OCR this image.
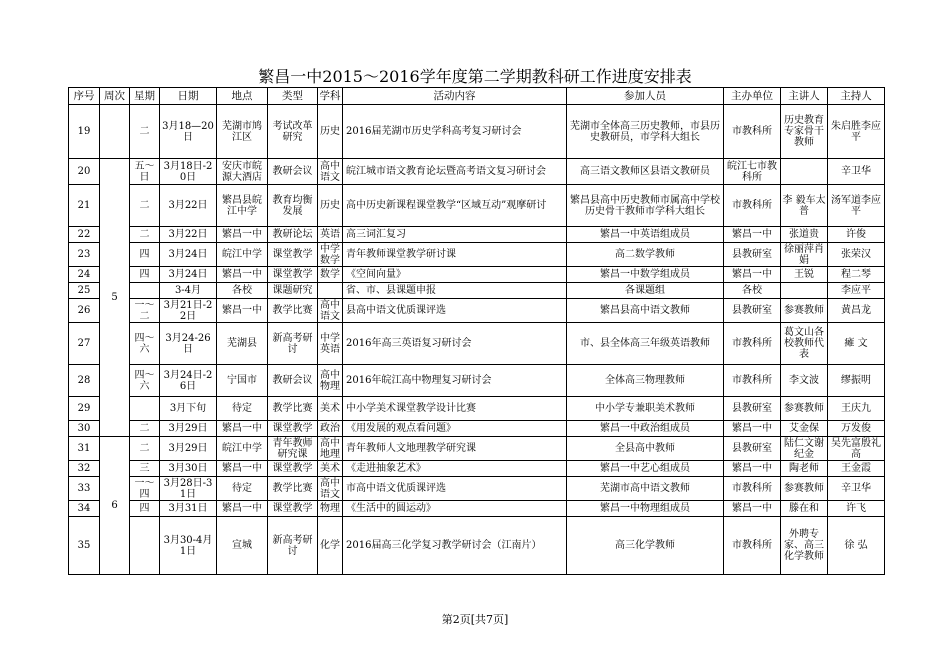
繁昌一中2015～2016学年度第二学期教科研工作进度安排表
序号	周次	星期	日期	地点	类型	学科	活动内容	参加人员	主办单位	主讲人	主持人
19		二	3月18—20日	芜湖市鸠江区	考试改革研究	历史	2016届芜湖市历史学科高考复习研讨会	芜湖市全体高三历史教师，市县历史教研员，市学科大组长	市教科所	历史教育专家骨干教师	朱启胜李应平
20	5	五～日	3月18日-20日	安庆市皖源大酒店	教研会议	高中语文	皖江城市语文教育论坛暨高考语文复习研讨会	高三语文教师区县语文教研员	皖江七市教科所		辛卫华
21		二	3月22日	繁昌县皖江中学	教育均衡发展	历史	高中历史新课程课堂教学“区域互动”观摩研讨	繁昌县高中历史教师市属高中学校历史骨干教师市学科大组长	市教科所	李 毅车太普	汤军道李应平
22		二	3月22日	繁昌一中	教研论坛	英语	高三词汇复习	繁昌一中英语组成员	繁昌一中	张道贵	许俊
23		四	3月24日	皖江中学	课堂教学	中学数学	青年教师课堂教学研讨课	高二数学教师	县教研室	徐丽萍肖娟	张荣汉
24		四	3月24日	繁昌一中	课堂教学	数学	《空间向量》	繁昌一中数学组成员	繁昌一中	王锐	程二琴
25			3-4月	各校	课题研究		省、市、县课题申报	各课题组	各校		李应平
26		一～二	3月21日-22日	繁昌一中	教学比赛	高中语文	县高中语文优质课评选	繁昌县高中语文教师	县教研室	参赛教师	黄昌龙
27		四～六	3月24-26日	芜湖县	新高考研讨	中学英语	2016年高三英语复习研讨会	市、县全体高三年级英语教师	市教科所	葛文山各校教师代表	瘫 文
28		四～六	3月24日-26日	宁国市	教研会议	高中物理	2016年皖江高中物理复习研讨会	全体高三物理教师	市教科所	李文波	缪振明
29			3月下旬	待定	教学比赛	美术	中小学美术课堂教学设计比赛	中小学专兼职美术教师	县教研室	参赛教师	王庆九
30		二	3月29日	繁昌一中	课堂教学	政治	《用发展的观点看问题》	繁昌一中政治组成员	繁昌一中	艾金保	万发俊
31	6	二	3月29日	皖江中学	青年教师研究课	高中地理	青年教师人文地理教学研究课	全县高中教师	县教研室	陆仁文谢纪金	吴先富殷礼高
32		三	3月30日	繁昌一中	课堂教学	美术	《走进抽象艺术》	繁昌一中艺心组成员	繁昌一中	陶老师	王金霞
33		一～四	3月28日-31日	待定	教学比赛	高中语文	市高中语文优质课评选	芜湖市高中语文教师	市教科所	参赛教师	辛卫华
34		四	3月31日	繁昌一中	课堂教学	物理	《生活中的圆运动》	繁昌一中物理组成员	繁昌一中	滕在和	许飞
35			3月30-4月1日	宣城	新高考研讨	化学	2016届高三化学复习教学研讨会（江南片）	高三化学教师	市教科所	外聘专家、高三化学教师	徐 弘
第2页[共7页]
